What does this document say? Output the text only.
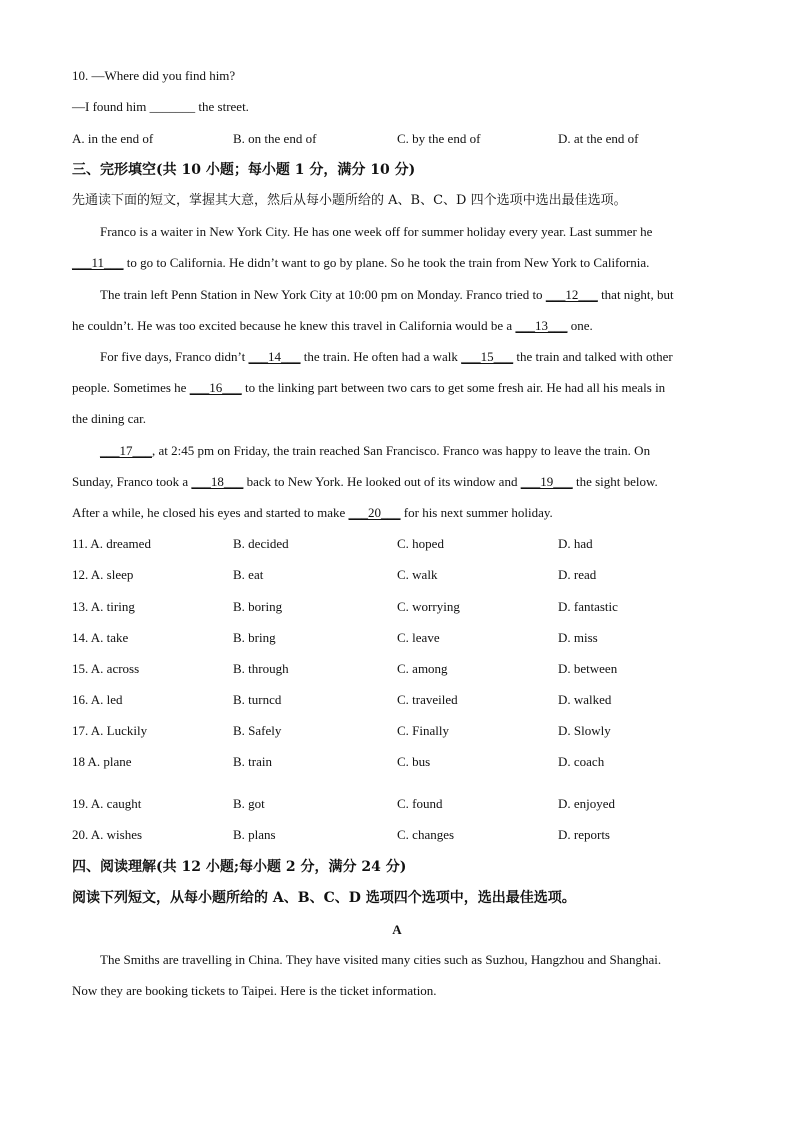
10. —Where did you find him?
—I found him _______ the street.
A. in the end of	B. on the end of	C. by the end of	D. at the end of
三、完形填空(共 10 小题；每小题 1 分，满分 10 分)
先通读下面的短文，掌握其大意，然后从每小题所给的 A、B、C、D 四个选项中选出最佳选项。
Franco is a waiter in New York City. He has one week off for summer holiday every year. Last summer he
___11___ to go to California. He didn’t want to go by plane. So he took the train from New York to California.
The train left Penn Station in New York City at 10:00 pm on Monday. Franco tried to ___12___ that night, but
he couldn’t. He was too excited because he knew this travel in California would be a ___13___ one.
For five days, Franco didn’t ___14___ the train. He often had a walk ___15___ the train and talked with other
people. Sometimes he ___16___ to the linking part between two cars to get some fresh air. He had all his meals in
the dining car.
___17___, at 2:45 pm on Friday, the train reached San Francisco. Franco was happy to leave the train. On
Sunday, Franco took a ___18___ back to New York. He looked out of its window and ___19___ the sight below.
After a while, he closed his eyes and started to make ___20___ for his next summer holiday.
11. A. dreamed	B. decided	C. hoped	D. had
12. A. sleep	B. eat	C. walk	D. read
13. A. tiring	B. boring	C. worrying	D. fantastic
14. A. take	B. bring	C. leave	D. miss
15. A. across	B. through	C. among	D. between
16. A. led	B. turncd	C. traveiled	D. walked
17. A. Luckily	B. Safely	C. Finally	D. Slowly
18 A. plane	B. train	C. bus	D. coach
19. A. caught	B. got	C. found	D. enjoyed
20. A. wishes	B. plans	C. changes	D. reports
四、阅读理解(共 12 小题;每小题 2 分，满分 24 分)
阅读下列短文，从每小题所给的 A、B、C、D 选项四个选项中，选出最佳选项。
A
The Smiths are travelling in China. They have visited many cities such as Suzhou, Hangzhou and Shanghai.
Now they are booking tickets to Taipei. Here is the ticket information.
